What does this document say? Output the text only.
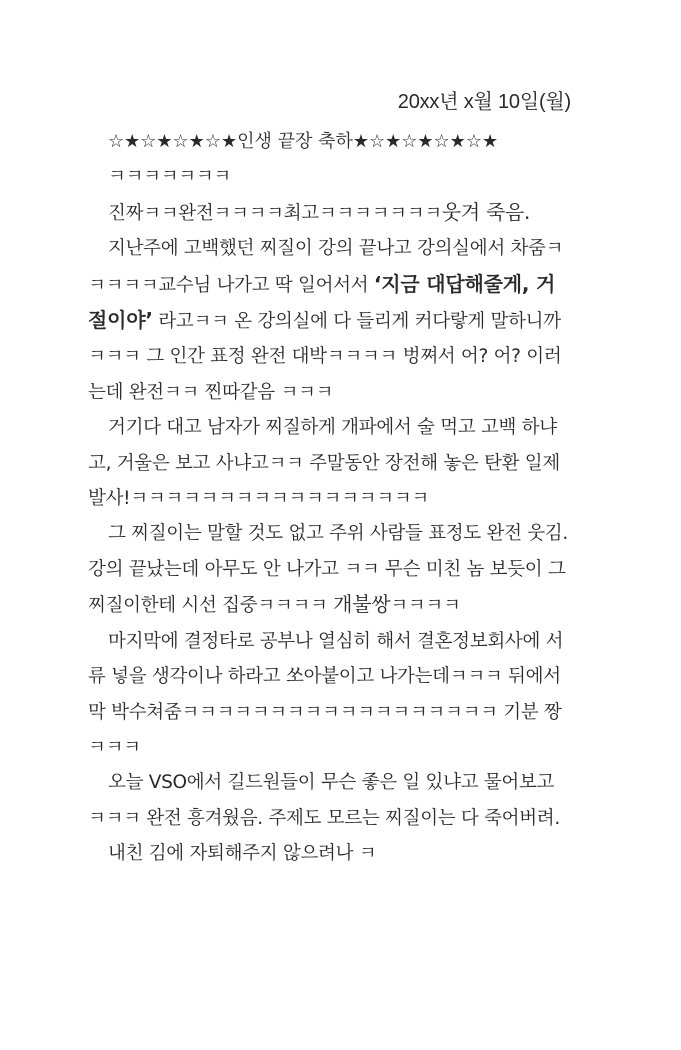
20xx년 x월 10일(월)

☆★☆★☆★☆★인생 끝장 축하★☆★☆★☆★☆★

ㅋㅋㅋㅋㅋㅋㅋ

진짜ㅋㅋ완전ㅋㅋㅋㅋ최고ㅋㅋㅋㅋㅋㅋㅋ웃겨 죽음.

지난주에 고백했던 찌질이 강의 끝나고 강의실에서 차줌ㅋㅋㅋㅋㅋ교수님 나가고 딱 일어서서 ‘지금 대답해줄게, 거절이야’ 라고ㅋㅋ 온 강의실에 다 들리게 커다랗게 말하니까ㅋㅋㅋ 그 인간 표정 완전 대박ㅋㅋㅋㅋ 벙쪄서 어? 어? 이러는데 완전ㅋㅋ 찐따같음 ㅋㅋㅋ

거기다 대고 남자가 찌질하게 개파에서 술 먹고 고백 하냐고, 거울은 보고 사냐고ㅋㅋ 주말동안 장전해 놓은 탄환 일제 발사!ㅋㅋㅋㅋㅋㅋㅋㅋㅋㅋㅋㅋㅋㅋㅋㅋㅋ

그 찌질이는 말할 것도 없고 주위 사람들 표정도 완전 웃김. 강의 끝났는데 아무도 안 나가고 ㅋㅋ 무슨 미친 놈 보듯이 그 찌질이한테 시선 집중ㅋㅋㅋㅋ 개불쌍ㅋㅋㅋㅋ

마지막에 결정타로 공부나 열심히 해서 결혼정보회사에 서류 넣을 생각이나 하라고 쏘아붙이고 나가는데ㅋㅋㅋ 뒤에서 막 박수쳐줌ㅋㅋㅋㅋㅋㅋㅋㅋㅋㅋㅋㅋㅋㅋㅋㅋㅋㅋ 기분 짱ㅋㅋㅋ

오늘 VSO에서 길드원들이 무슨 좋은 일 있냐고 물어보고ㅋㅋㅋ 완전 흥겨웠음. 주제도 모르는 찌질이는 다 죽어버려.

내친 김에 자퇴해주지 않으려나 ㅋ
